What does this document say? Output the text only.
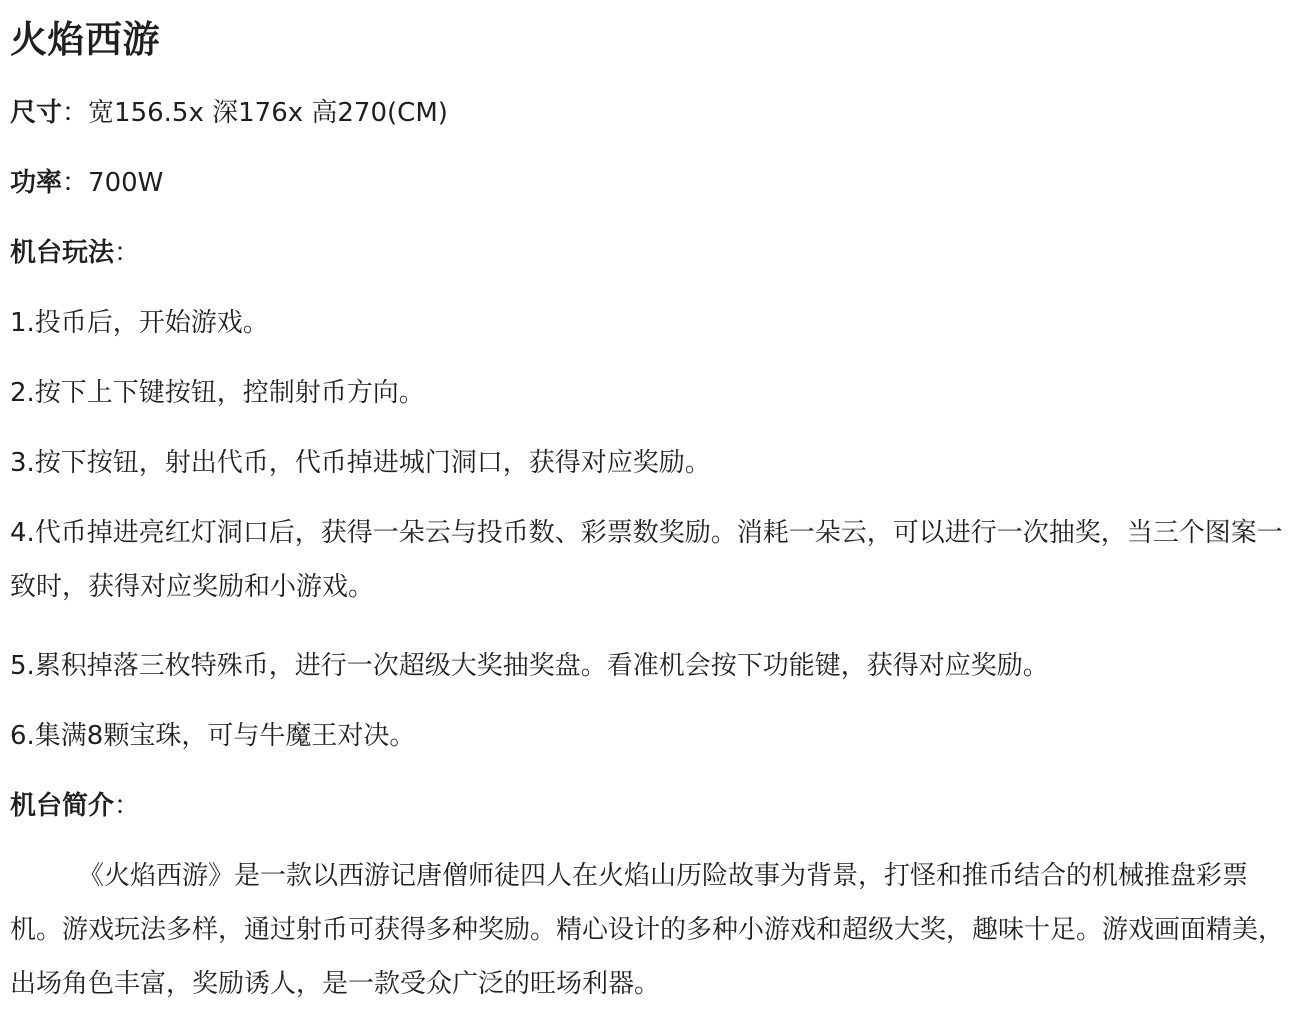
火焰西游

尺寸：宽156.5x 深176x 高270(CM)

功率：700W

机台玩法：

1.投币后，开始游戏。

2.按下上下键按钮，控制射币方向。

3.按下按钮，射出代币，代币掉进城门洞口，获得对应奖励。

4.代币掉进亮红灯洞口后，获得一朵云与投币数、彩票数奖励。消耗一朵云，可以进行一次抽奖，当三个图案一致时，获得对应奖励和小游戏。

5.累积掉落三枚特殊币，进行一次超级大奖抽奖盘。看准机会按下功能键，获得对应奖励。

6.集满8颗宝珠，可与牛魔王对决。

机台简介：

《火焰西游》是一款以西游记唐僧师徒四人在火焰山历险故事为背景，打怪和推币结合的机械推盘彩票机。游戏玩法多样，通过射币可获得多种奖励。精心设计的多种小游戏和超级大奖，趣味十足。游戏画面精美，出场角色丰富，奖励诱人，是一款受众广泛的旺场利器。
